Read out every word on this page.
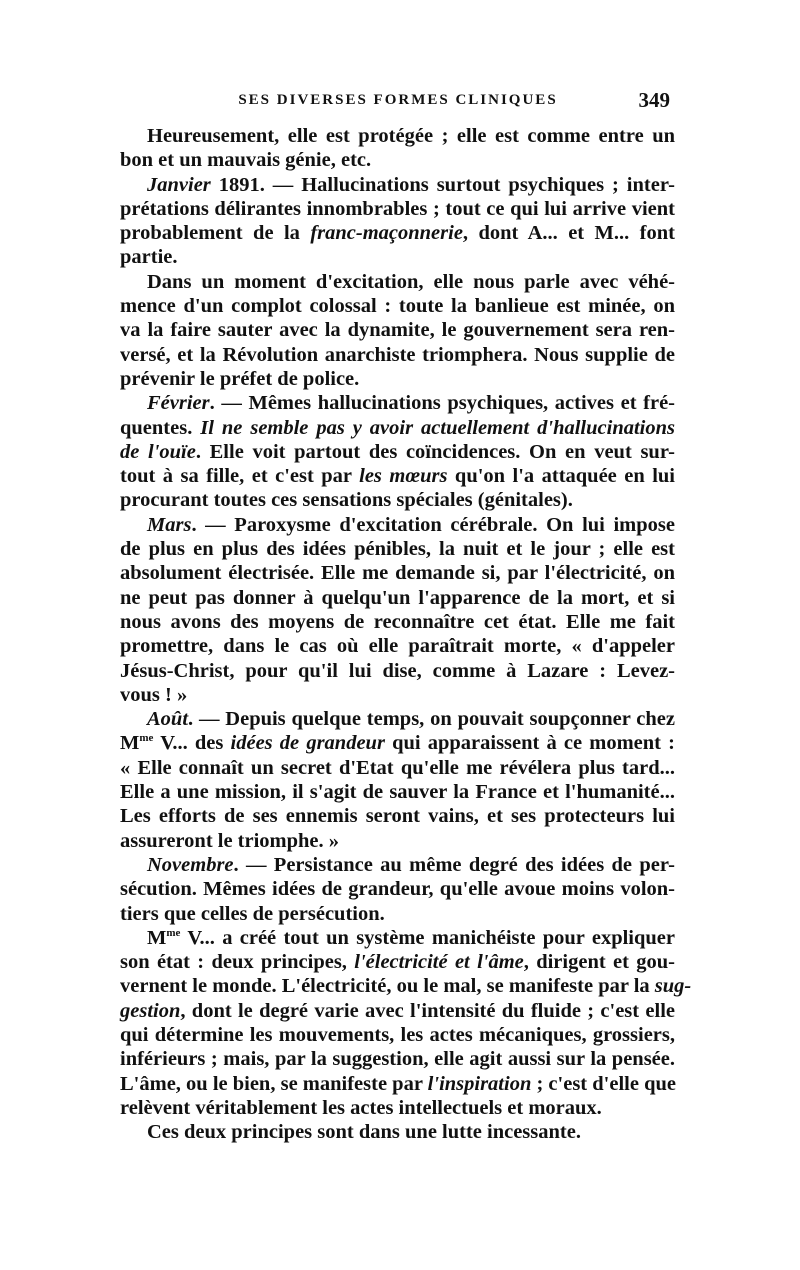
SES DIVERSES FORMES CLINIQUES	349
Heureusement, elle est protégée ; elle est comme entre un
bon et un mauvais génie, etc.
Janvier 1891. — Hallucinations surtout psychiques ; inter-
prétations délirantes innombrables ; tout ce qui lui arrive vient
probablement de la franc-maçonnerie, dont A... et M... font
partie.
Dans un moment d'excitation, elle nous parle avec véhé-
mence d'un complot colossal : toute la banlieue est minée, on
va la faire sauter avec la dynamite, le gouvernement sera ren-
versé, et la Révolution anarchiste triomphera. Nous supplie de
prévenir le préfet de police.
Février. — Mêmes hallucinations psychiques, actives et fré-
quentes. Il ne semble pas y avoir actuellement d'hallucinations
de l'ouïe. Elle voit partout des coïncidences. On en veut sur-
tout à sa fille, et c'est par les mœurs qu'on l'a attaquée en lui
procurant toutes ces sensations spéciales (génitales).
Mars. — Paroxysme d'excitation cérébrale. On lui impose
de plus en plus des idées pénibles, la nuit et le jour ; elle est
absolument électrisée. Elle me demande si, par l'électricité, on
ne peut pas donner à quelqu'un l'apparence de la mort, et si
nous avons des moyens de reconnaître cet état. Elle me fait
promettre, dans le cas où elle paraîtrait morte, « d'appeler
Jésus-Christ, pour qu'il lui dise, comme à Lazare : Levez-
vous ! »
Août. — Depuis quelque temps, on pouvait soupçonner chez
$M^{me}$ V... des idées de grandeur qui apparaissent à ce moment :
« Elle connaît un secret d'Etat qu'elle me révélera plus tard...
Elle a une mission, il s'agit de sauver la France et l'humanité...
Les efforts de ses ennemis seront vains, et ses protecteurs lui
assureront le triomphe. »
Novembre. — Persistance au même degré des idées de per-
sécution. Mêmes idées de grandeur, qu'elle avoue moins volon-
tiers que celles de persécution.
$M^{me}$ V... a créé tout un système manichéiste pour expliquer
son état : deux principes, l'électricité et l'âme, dirigent et gou-
vernent le monde. L'électricité, ou le mal, se manifeste par la sug-
gestion, dont le degré varie avec l'intensité du fluide ; c'est elle
qui détermine les mouvements, les actes mécaniques, grossiers,
inférieurs ; mais, par la suggestion, elle agit aussi sur la pensée.
L'âme, ou le bien, se manifeste par l'inspiration ; c'est d'elle que
relèvent véritablement les actes intellectuels et moraux.
Ces deux principes sont dans une lutte incessante.
